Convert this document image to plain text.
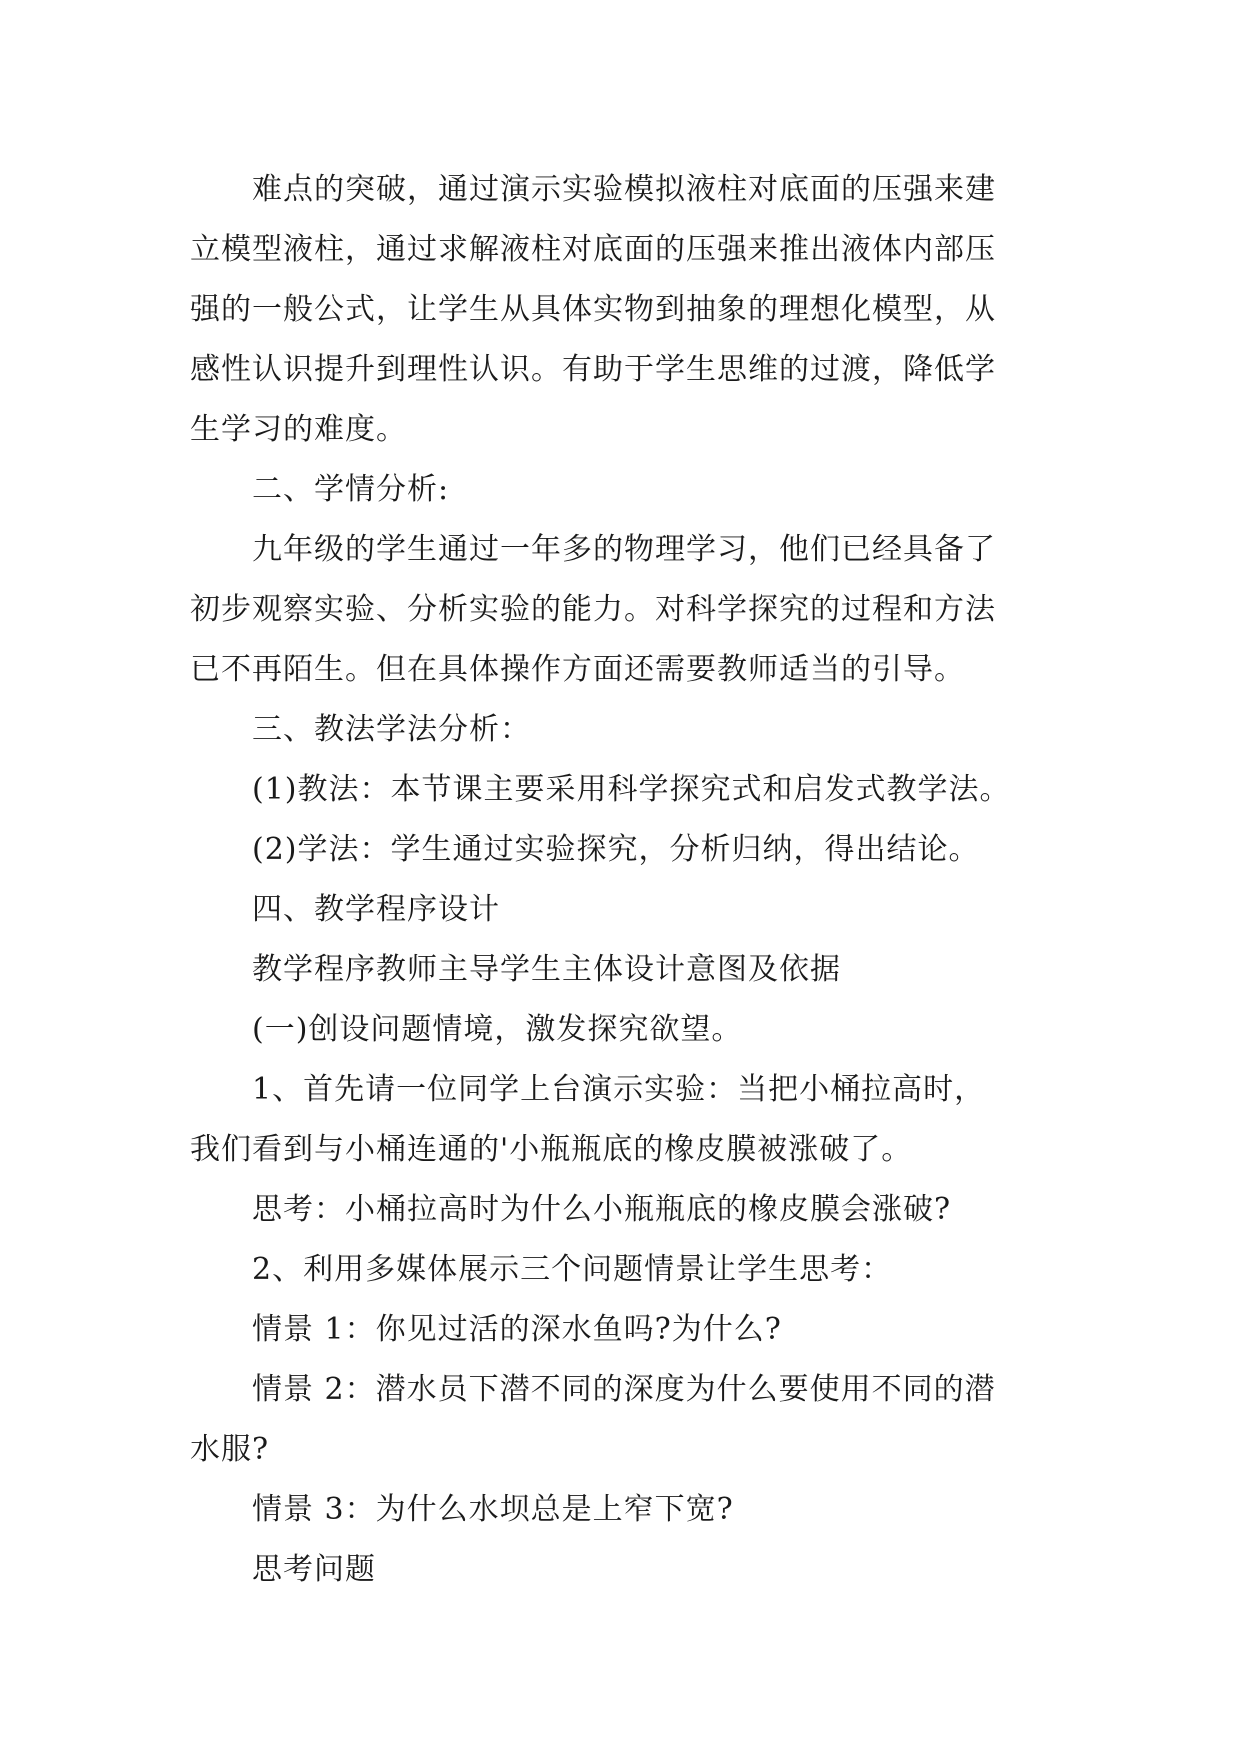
难点的突破，通过演示实验模拟液柱对底面的压强来建
立模型液柱，通过求解液柱对底面的压强来推出液体内部压
强的一般公式，让学生从具体实物到抽象的理想化模型，从
感性认识提升到理性认识。有助于学生思维的过渡，降低学
生学习的难度。
二、学情分析:
九年级的学生通过一年多的物理学习，他们已经具备了
初步观察实验、分析实验的能力。对科学探究的过程和方法
已不再陌生。但在具体操作方面还需要教师适当的引导。
三、教法学法分析：
(1)教法：本节课主要采用科学探究式和启发式教学法。
(2)学法：学生通过实验探究，分析归纳，得出结论。
四、教学程序设计
教学程序教师主导学生主体设计意图及依据
(一)创设问题情境，激发探究欲望。
1、首先请一位同学上台演示实验：当把小桶拉高时，
我们看到与小桶连通的'小瓶瓶底的橡皮膜被涨破了。
思考：小桶拉高时为什么小瓶瓶底的橡皮膜会涨破?
2、利用多媒体展示三个问题情景让学生思考：
情景 1：你见过活的深水鱼吗?为什么?
情景 2：潜水员下潜不同的深度为什么要使用不同的潜
水服?
情景 3：为什么水坝总是上窄下宽?
思考问题
